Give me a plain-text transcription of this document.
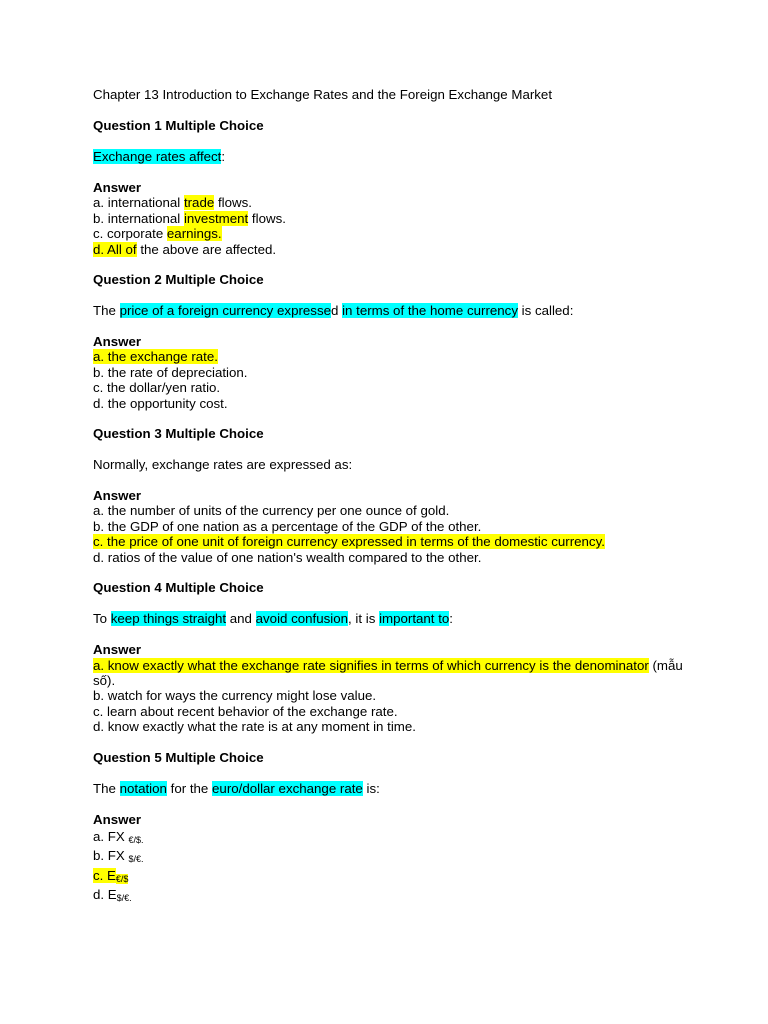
Chapter 13 Introduction to Exchange Rates and the Foreign Exchange Market
Question 1 Multiple Choice
Exchange rates affect:
Answer
a. international trade flows.
b. international investment flows.
c. corporate earnings.
d. All of the above are affected.
Question 2 Multiple Choice
The price of a foreign currency expressed in terms of the home currency is called:
Answer
a. the exchange rate.
b. the rate of depreciation.
c. the dollar/yen ratio.
d. the opportunity cost.
Question 3 Multiple Choice
Normally, exchange rates are expressed as:
Answer
a. the number of units of the currency per one ounce of gold.
b. the GDP of one nation as a percentage of the GDP of the other.
c. the price of one unit of foreign currency expressed in terms of the domestic currency.
d. ratios of the value of one nation's wealth compared to the other.
Question 4 Multiple Choice
To keep things straight and avoid confusion, it is important to:
Answer
a. know exactly what the exchange rate signifies in terms of which currency is the denominator (mẫu số).
b. watch for ways the currency might lose value.
c. learn about recent behavior of the exchange rate.
d. know exactly what the rate is at any moment in time.
Question 5 Multiple Choice
The notation for the euro/dollar exchange rate is:
Answer
a. FX $_{€/\$.}$
b. FX $_{\$/€.}$
c. $E_{€/\$}$
d. $E_{\$/€.}$
